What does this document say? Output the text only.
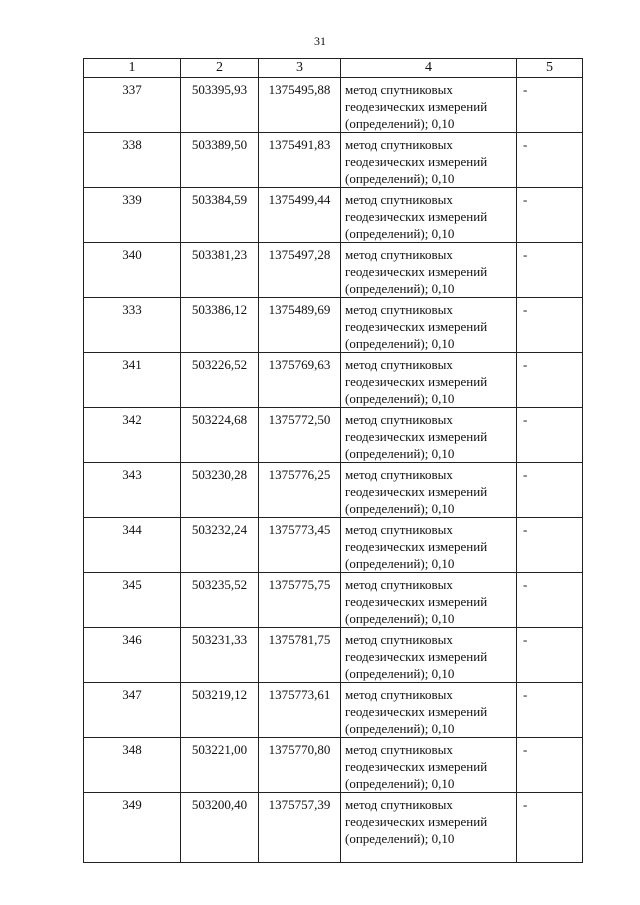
31
1	2	3	4	5
337	503395,93	1375495,88	метод спутниковых
геодезических измерений
(определений); 0,10	-
338	503389,50	1375491,83	метод спутниковых
геодезических измерений
(определений); 0,10	-
339	503384,59	1375499,44	метод спутниковых
геодезических измерений
(определений); 0,10	-
340	503381,23	1375497,28	метод спутниковых
геодезических измерений
(определений); 0,10	-
333	503386,12	1375489,69	метод спутниковых
геодезических измерений
(определений); 0,10	-
341	503226,52	1375769,63	метод спутниковых
геодезических измерений
(определений); 0,10	-
342	503224,68	1375772,50	метод спутниковых
геодезических измерений
(определений); 0,10	-
343	503230,28	1375776,25	метод спутниковых
геодезических измерений
(определений); 0,10	-
344	503232,24	1375773,45	метод спутниковых
геодезических измерений
(определений); 0,10	-
345	503235,52	1375775,75	метод спутниковых
геодезических измерений
(определений); 0,10	-
346	503231,33	1375781,75	метод спутниковых
геодезических измерений
(определений); 0,10	-
347	503219,12	1375773,61	метод спутниковых
геодезических измерений
(определений); 0,10	-
348	503221,00	1375770,80	метод спутниковых
геодезических измерений
(определений); 0,10	-
349	503200,40	1375757,39	метод спутниковых
геодезических измерений
(определений); 0,10	-
